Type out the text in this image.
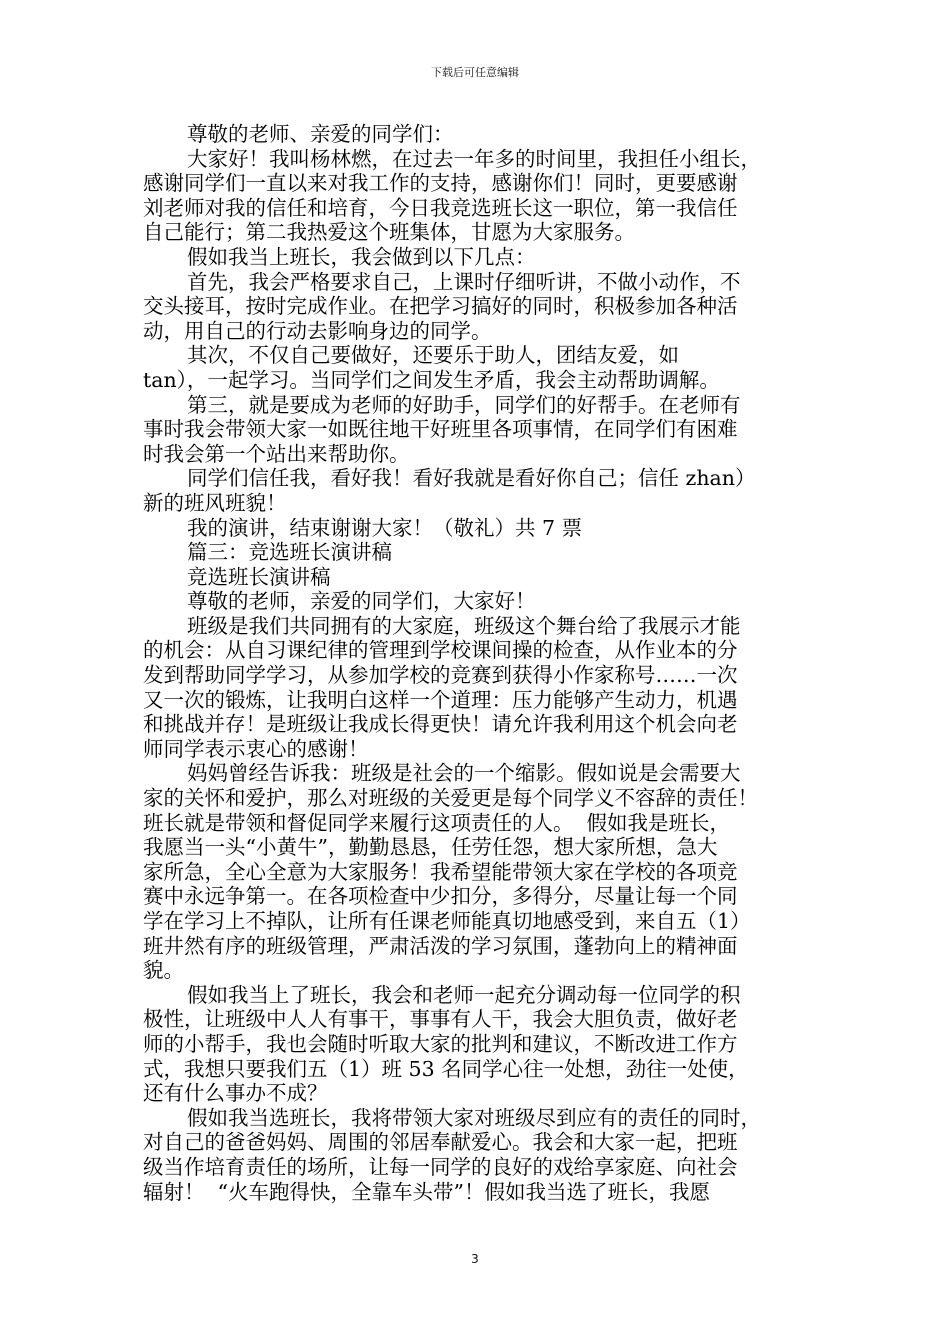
下载后可任意编辑
尊敬的老师、亲爱的同学们：
大家好！我叫杨林燃，在过去一年多的时间里，我担任小组长，
感谢同学们一直以来对我工作的支持，感谢你们！同时，更要感谢
刘老师对我的信任和培育，今日我竞选班长这一职位，第一我信任
自己能行；第二我热爱这个班集体，甘愿为大家服务。
假如我当上班长，我会做到以下几点：
首先，我会严格要求自己，上课时仔细听讲，不做小动作，不
交头接耳，按时完成作业。在把学习搞好的同时，积极参加各种活
动，用自己的行动去影响身边的同学。
其次，不仅自己要做好，还要乐于助人，团结友爱，如
tan），一起学习。当同学们之间发生矛盾，我会主动帮助调解。
第三，就是要成为老师的好助手，同学们的好帮手。在老师有
事时我会带领大家一如既往地干好班里各项事情，在同学们有困难
时我会第一个站出来帮助你。
同学们信任我，看好我！看好我就是看好你自己；信任 zhan）
新的班风班貌！
我的演讲，结束谢谢大家！（敬礼）共 7 票
篇三：竞选班长演讲稿
竞选班长演讲稿
尊敬的老师，亲爱的同学们，大家好！
班级是我们共同拥有的大家庭，班级这个舞台给了我展示才能
的机会：从自习课纪律的管理到学校课间操的检查，从作业本的分
发到帮助同学学习，从参加学校的竞赛到获得小作家称号……一次
又一次的锻炼，让我明白这样一个道理：压力能够产生动力，机遇
和挑战并存！是班级让我成长得更快！请允许我利用这个机会向老
师同学表示衷心的感谢！
妈妈曾经告诉我：班级是社会的一个缩影。假如说是会需要大
家的关怀和爱护，那么对班级的关爱更是每个同学义不容辞的责任！
班长就是带领和督促同学来履行这项责任的人。  假如我是班长，
我愿当一头“小黄牛”，勤勤恳恳，任劳任怨，想大家所想，急大
家所急，全心全意为大家服务！我希望能带领大家在学校的各项竞
赛中永远争第一。在各项检查中少扣分，多得分，尽量让每一个同
学在学习上不掉队，让所有任课老师能真切地感受到，来自五（1）
班井然有序的班级管理，严肃活泼的学习氛围，蓬勃向上的精神面
貌。
假如我当上了班长，我会和老师一起充分调动每一位同学的积
极性，让班级中人人有事干，事事有人干，我会大胆负责，做好老
师的小帮手，我也会随时听取大家的批判和建议，不断改进工作方
式，我想只要我们五（1）班 53 名同学心往一处想，劲往一处使，
还有什么事办不成？
假如我当选班长，我将带领大家对班级尽到应有的责任的同时，
对自己的爸爸妈妈、周围的邻居奉献爱心。我会和大家一起，把班
级当作培育责任的场所，让每一同学的良好的戏给享家庭、向社会
辐射！  “火车跑得快，全靠车头带”！假如我当选了班长，我愿
3
